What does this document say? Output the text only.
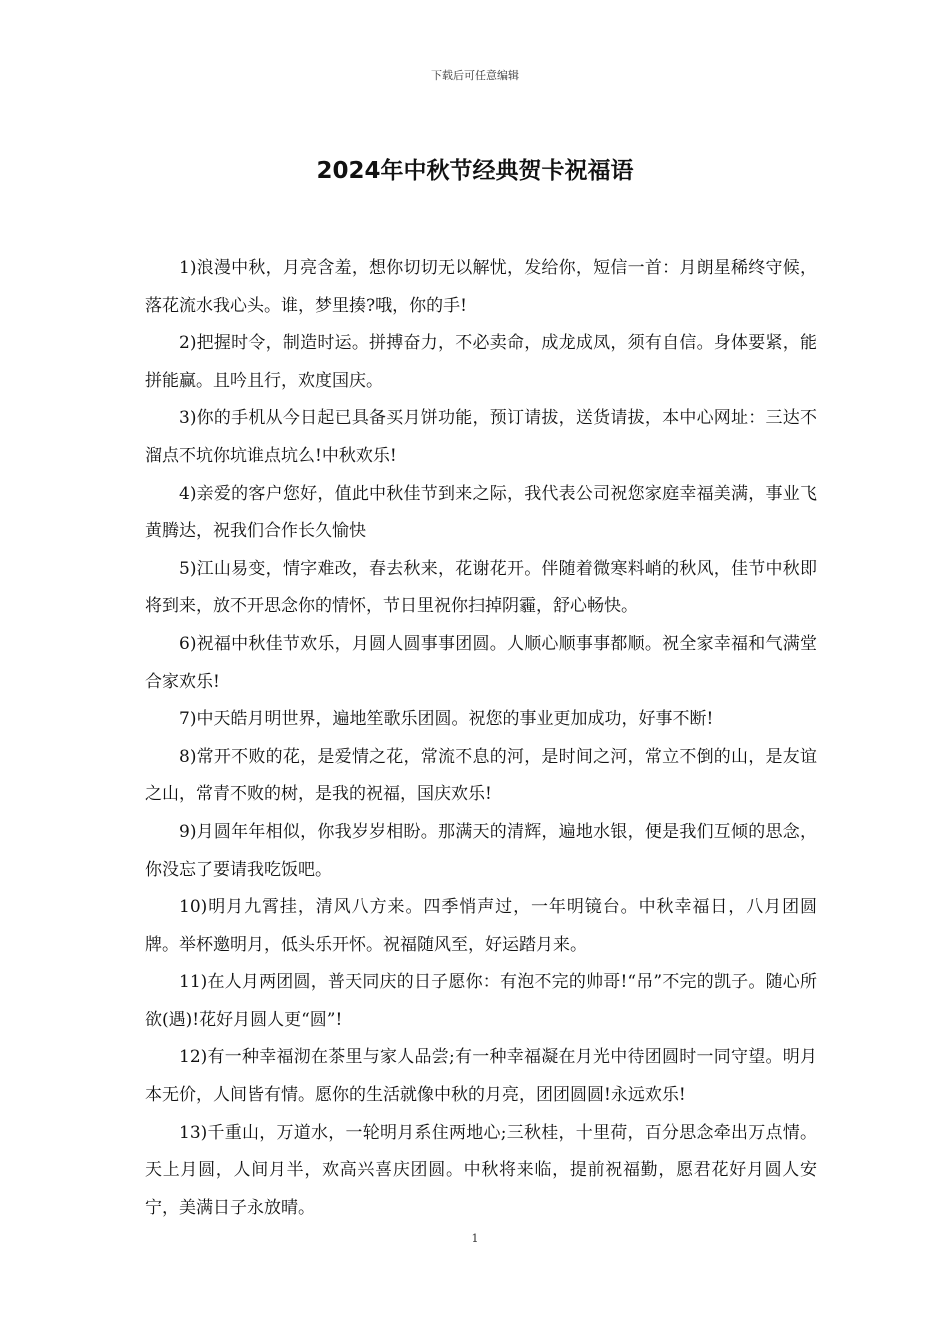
下载后可任意编辑
2024年中秋节经典贺卡祝福语

1)浪漫中秋，月亮含羞，想你切切无以解忧，发给你，短信一首：月朗星稀终守候，落花流水我心头。谁，梦里揍?哦，你的手!

2)把握时令，制造时运。拼搏奋力，不必卖命，成龙成凤，须有自信。身体要紧，能拼能赢。且吟且行，欢度国庆。

3)你的手机从今日起已具备买月饼功能，预订请拔，送货请拔，本中心网址：三达不溜点不坑你坑谁点坑么!中秋欢乐!

4)亲爱的客户您好，值此中秋佳节到来之际，我代表公司祝您家庭幸福美满，事业飞黄腾达，祝我们合作长久愉快

5)江山易变，情字难改，春去秋来，花谢花开。伴随着微寒料峭的秋风，佳节中秋即将到来，放不开思念你的情怀，节日里祝你扫掉阴霾，舒心畅快。

6)祝福中秋佳节欢乐，月圆人圆事事团圆。人顺心顺事事都顺。祝全家幸福和气满堂合家欢乐!

7)中天皓月明世界，遍地笙歌乐团圆。祝您的事业更加成功，好事不断!

8)常开不败的花，是爱情之花，常流不息的河，是时间之河，常立不倒的山，是友谊之山，常青不败的树，是我的祝福，国庆欢乐!

9)月圆年年相似，你我岁岁相盼。那满天的清辉，遍地水银，便是我们互倾的思念，你没忘了要请我吃饭吧。

10)明月九霄挂，清风八方来。四季悄声过，一年明镜台。中秋幸福日，八月团圆牌。举杯邀明月，低头乐开怀。祝福随风至，好运踏月来。

11)在人月两团圆，普天同庆的日子愿你：有泡不完的帅哥!“吊”不完的凯子。随心所欲(遇)!花好月圆人更“圆”!

12)有一种幸福沏在茶里与家人品尝;有一种幸福凝在月光中待团圆时一同守望。明月本无价，人间皆有情。愿你的生活就像中秋的月亮，团团圆圆!永远欢乐!

13)千重山，万道水，一轮明月系住两地心;三秋桂，十里荷，百分思念牵出万点情。天上月圆，人间月半，欢高兴喜庆团圆。中秋将来临，提前祝福勤，愿君花好月圆人安宁，美满日子永放晴。

1
